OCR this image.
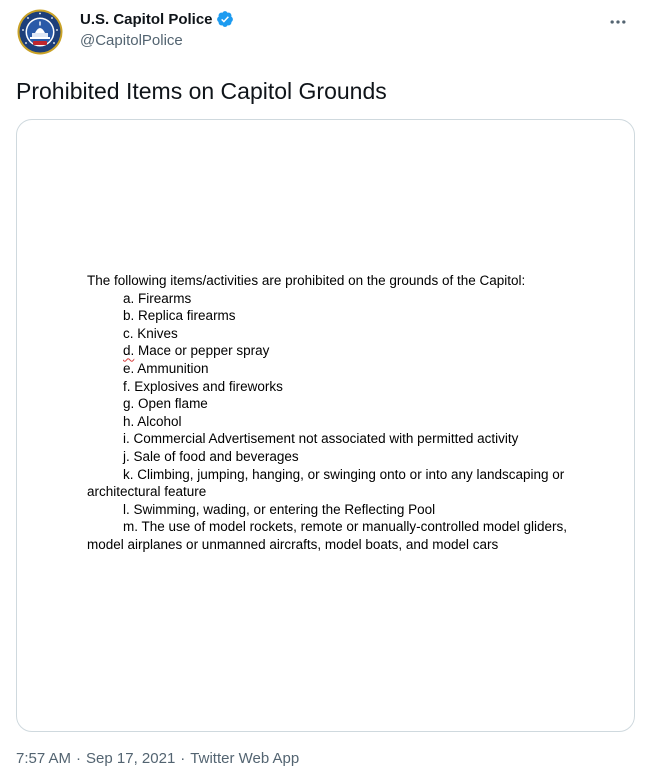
U.S. Capitol Police
@CapitolPolice
Prohibited Items on Capitol Grounds
The following items/activities are prohibited on the grounds of the Capitol:
a. Firearms
b. Replica firearms
c. Knives
d. Mace or pepper spray
e. Ammunition
f. Explosives and fireworks
g. Open flame
h. Alcohol
i. Commercial Advertisement not associated with permitted activity
j. Sale of food and beverages
k. Climbing, jumping, hanging, or swinging onto or into any landscaping or architectural feature
l. Swimming, wading, or entering the Reflecting Pool
m. The use of model rockets, remote or manually-controlled model gliders, model airplanes or unmanned aircrafts, model boats, and model cars
7:57 AM · Sep 17, 2021 · Twitter Web App
